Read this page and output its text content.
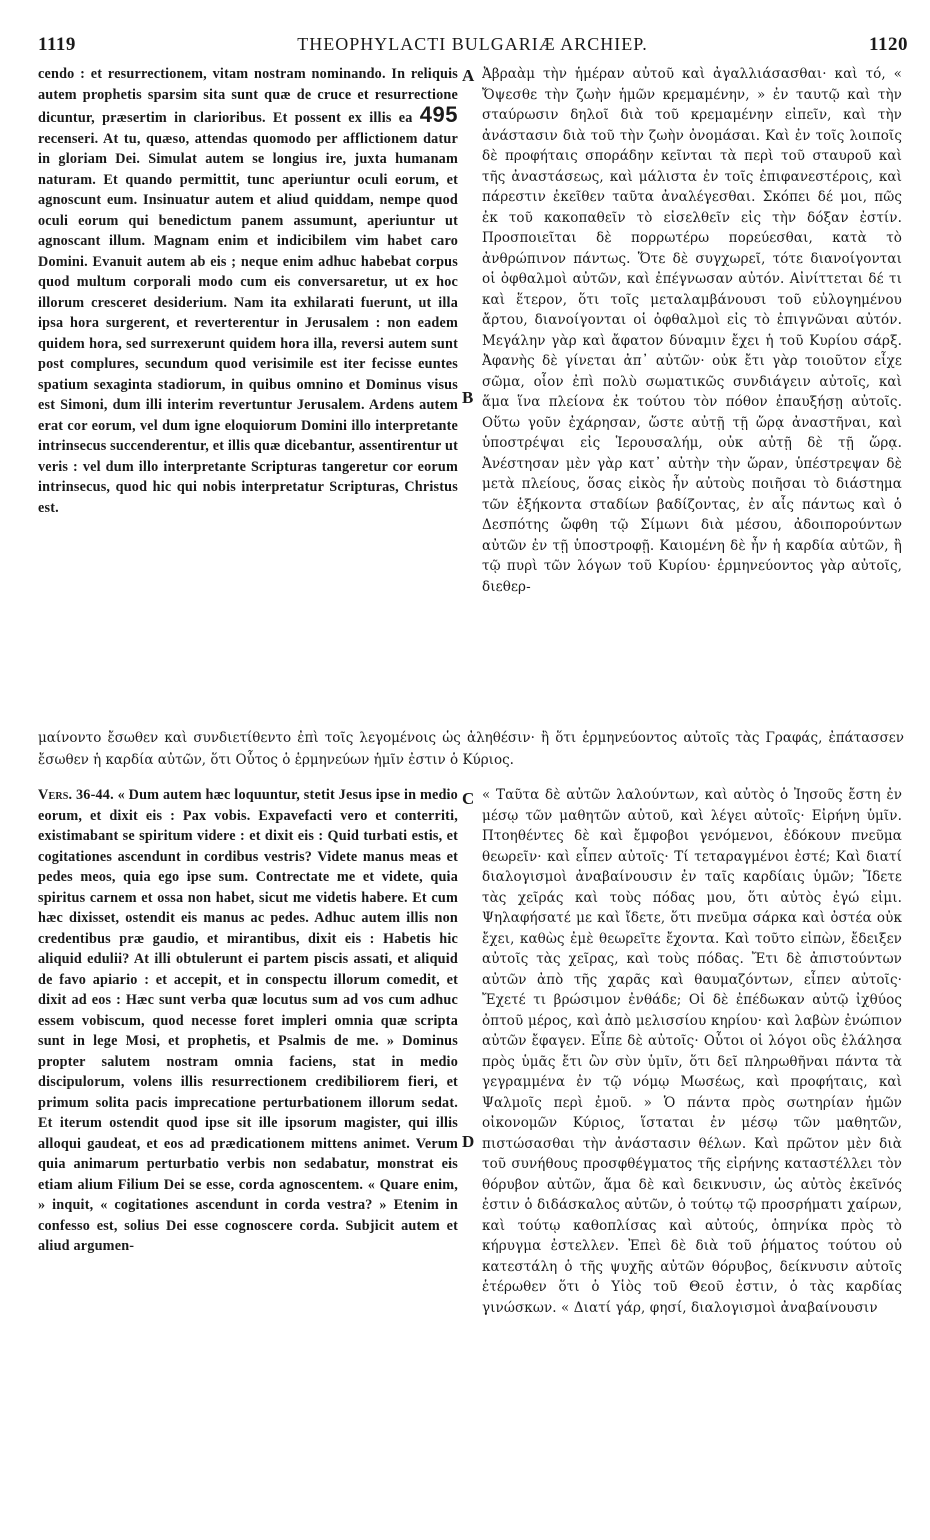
1119	THEOPHYLACTI BULGARIÆ ARCHIEP.	1120

cendo : et resurrectionem, vitam nostram nominando. In reliquis autem prophetis sparsim sita sunt quæ de cruce et resurrectione dicuntur, præsertim in clarioribus. Et possent ex illis ea 495 recenseri. At tu, quæso, attendas quomodo per afflictionem datur in gloriam Dei. Simulat autem se longius ire, juxta humanam naturam. Et quando permittit, tunc aperiuntur oculi eorum, et agnoscunt eum. Insinuatur autem et aliud quiddam, nempe quod oculi eorum qui benedictum panem assumunt, aperiuntur ut agnoscant illum. Magnam enim et indicibilem vim habet caro Domini. Evanuit autem ab eis ; neque enim adhuc habebat corpus quod multum corporali modo cum eis conversaretur, ut ex hoc illorum cresceret desiderium. Nam ita exhilarati fuerunt, ut illa ipsa hora surgerent, et reverterentur in Jerusalem : non eadem quidem hora, sed surrexerunt quidem hora illa, reversi autem sunt post complures, secundum quod verisimile est iter fecisse euntes spatium sexaginta stadiorum, in quibus omnino et Dominus visus est Simoni, dum illi interim revertuntur Jerusalem. Ardens autem erat cor eorum, vel dum igne eloquiorum Domini illo interpretante intrinsecus succenderentur, et illis quæ dicebantur, assentirentur ut veris : vel dum illo interpretante Scripturas tangeretur cor eorum intrinsecus, quod hic qui nobis interpretatur Scripturas, Christus est.

A
B
C
D

Ἀβραὰμ τὴν ἡμέραν αὐτοῦ καὶ ἀγαλλιάσασθαι· καὶ τό, « Ὄψεσθε τὴν ζωὴν ἡμῶν κρεμαμένην, » ἐν ταυτῷ καὶ τὴν σταύρωσιν δηλοῖ διὰ τοῦ κρεμαμένην εἰπεῖν, καὶ τὴν ἀνάστασιν διὰ τοῦ τὴν ζωὴν ὀνομάσαι. Καὶ ἐν τοῖς λοιποῖς δὲ προφήταις σποράδην κεῖνται τὰ περὶ τοῦ σταυροῦ καὶ τῆς ἀναστάσεως, καὶ μάλιστα ἐν τοῖς ἐπιφανεστέροις, καὶ πάρεστιν ἐκεῖθεν ταῦτα ἀναλέγεσθαι. Σκόπει δέ μοι, πῶς ἐκ τοῦ κακοπαθεῖν τὸ εἰσελθεῖν εἰς τὴν δόξαν ἐστίν. Προσποιεῖται δὲ πορρωτέρω πορεύεσθαι, κατὰ τὸ ἀνθρώπινον πάντως. Ὅτε δὲ συγχωρεῖ, τότε διανοίγονται οἱ ὀφθαλμοὶ αὐτῶν, καὶ ἐπέγνωσαν αὐτόν. Αἰνίττεται δέ τι καὶ ἕτερον, ὅτι τοῖς μεταλαμβάνουσι τοῦ εὐλογημένου ἄρτου, διανοίγονται οἱ ὀφθαλμοὶ εἰς τὸ ἐπιγνῶναι αὐτόν. Μεγάλην γὰρ καὶ ἄφατον δύναμιν ἔχει ἡ τοῦ Κυρίου σάρξ. Ἀφανὴς δὲ γίνεται ἀπ᾽ αὐτῶν· οὐκ ἔτι γὰρ τοιοῦτον εἶχε σῶμα, οἷον ἐπὶ πολὺ σωματικῶς συνδιάγειν αὐτοῖς, καὶ ἅμα ἵνα πλείονα ἐκ τούτου τὸν πόθον ἐπαυξήσῃ αὐτοῖς. Οὕτω γοῦν ἐχάρησαν, ὥστε αὐτῇ τῇ ὥρᾳ ἀναστῆναι, καὶ ὑποστρέψαι εἰς Ἱερουσαλήμ, οὐκ αὐτῇ δὲ τῇ ὥρᾳ. Ἀνέστησαν μὲν γὰρ κατ᾽ αὐτὴν τὴν ὥραν, ὑπέστρεψαν δὲ μετὰ πλείους, ὅσας εἰκὸς ἦν αὐτοὺς ποιῆσαι τὸ διάστημα τῶν ἑξήκοντα σταδίων βαδίζοντας, ἐν αἷς πάντως καὶ ὁ Δεσπότης ὤφθη τῷ Σίμωνι διὰ μέσου, ἀδοιπορούντων αὐτῶν ἐν τῇ ὑποστροφῇ. Καιομένη δὲ ἦν ἡ καρδία αὐτῶν, ἢ τῷ πυρὶ τῶν λόγων τοῦ Κυρίου· ἑρμηνεύοντος γὰρ αὐτοῖς, διεθερ-

μαίνοντο ἔσωθεν καὶ συνδιετίθεντο ἐπὶ τοῖς λεγομένοις ὡς ἀληθέσιν· ἢ ὅτι ἑρμηνεύοντος αὐτοῖς τὰς Γραφάς, ἐπάτασσεν ἔσωθεν ἡ καρδία αὐτῶν, ὅτι Οὗτος ὁ ἑρμηνεύων ἡμῖν ἐστιν ὁ Κύριος.

Vers. 36-44. « Dum autem hæc loquuntur, stetit Jesus ipse in medio eorum, et dixit eis : Pax vobis. Expavefacti vero et conterriti, existimabant se spiritum videre : et dixit eis : Quid turbati estis, et cogitationes ascendunt in cordibus vestris? Videte manus meas et pedes meos, quia ego ipse sum. Contrectate me et videte, quia spiritus carnem et ossa non habet, sicut me videtis habere. Et cum hæc dixisset, ostendit eis manus ac pedes. Adhuc autem illis non credentibus præ gaudio, et mirantibus, dixit eis : Habetis hic aliquid edulii? At illi obtulerunt ei partem piscis assati, et aliquid de favo apiario : et accepit, et in conspectu illorum comedit, et dixit ad eos : Hæc sunt verba quæ locutus sum ad vos cum adhuc essem vobiscum, quod necesse foret impleri omnia quæ scripta sunt in lege Mosi, et prophetis, et Psalmis de me. » Dominus propter salutem nostram omnia faciens, stat in medio discipulorum, volens illis resurrectionem credibiliorem fieri, et primum solita pacis imprecatione perturbationem illorum sedat. Et iterum ostendit quod ipse sit ille ipsorum magister, qui illis alloqui gaudeat, et eos ad prædicationem mittens animet. Verum quia animarum perturbatio verbis non sedabatur, monstrat eis etiam alium Filium Dei se esse, corda agnoscentem. « Quare enim, » inquit, « cogitationes ascendunt in corda vestra? » Etenim in confesso est, solius Dei esse cognoscere corda. Subjicit autem et aliud argumen-

« Ταῦτα δὲ αὐτῶν λαλούντων, καὶ αὐτὸς ὁ Ἰησοῦς ἔστη ἐν μέσῳ τῶν μαθητῶν αὐτοῦ, καὶ λέγει αὐτοῖς· Εἰρήνη ὑμῖν. Πτοηθέντες δὲ καὶ ἔμφοβοι γενόμενοι, ἐδόκουν πνεῦμα θεωρεῖν· καὶ εἶπεν αὐτοῖς· Τί τεταραγμένοι ἐστέ; Καὶ διατί διαλογισμοὶ ἀναβαίνουσιν ἐν ταῖς καρδίαις ὑμῶν; Ἴδετε τὰς χεῖράς καὶ τοὺς πόδας μου, ὅτι αὐτὸς ἐγώ εἰμι. Ψηλαφήσατέ με καὶ ἴδετε, ὅτι πνεῦμα σάρκα καὶ ὀστέα οὐκ ἔχει, καθὼς ἐμὲ θεωρεῖτε ἔχοντα. Καὶ τοῦτο εἰπὼν, ἔδειξεν αὐτοῖς τὰς χεῖρας, καὶ τοὺς πόδας. Ἔτι δὲ ἀπιστούντων αὐτῶν ἀπὸ τῆς χαρᾶς καὶ θαυμαζόντων, εἶπεν αὐτοῖς· Ἔχετέ τι βρώσιμον ἐνθάδε; Οἱ δὲ ἐπέδωκαν αὐτῷ ἰχθύος ὀπτοῦ μέρος, καὶ ἀπὸ μελισσίου κηρίου· καὶ λαβὼν ἐνώπιον αὐτῶν ἔφαγεν. Εἶπε δὲ αὐτοῖς· Οὗτοι οἱ λόγοι οὓς ἐλάλησα πρὸς ὑμᾶς ἔτι ὢν σὺν ὑμῖν, ὅτι δεῖ πληρωθῆναι πάντα τὰ γεγραμμένα ἐν τῷ νόμῳ Μωσέως, καὶ προφήταις, καὶ Ψαλμοῖς περὶ ἐμοῦ. » Ὁ πάντα πρὸς σωτηρίαν ἡμῶν οἰκονομῶν Κύριος, ἵσταται ἐν μέσῳ τῶν μαθητῶν, πιστώσασθαι τὴν ἀνάστασιν θέλων. Καὶ πρῶτον μὲν διὰ τοῦ συνήθους προσφθέγματος τῆς εἰρήνης καταστέλλει τὸν θόρυβον αὐτῶν, ἅμα δὲ καὶ δεικνυσιν, ὡς αὐτὸς ἐκεῖνός ἐστιν ὁ διδάσκαλος αὐτῶν, ὁ τούτῳ τῷ προσρήματι χαίρων, καὶ τούτῳ καθοπλίσας καὶ αὐτούς, ὁπηνίκα πρὸς τὸ κήρυγμα ἐστελλεν. Ἐπεὶ δὲ διὰ τοῦ ῥήματος τούτου οὐ κατεστάλη ὁ τῆς ψυχῆς αὐτῶν θόρυβος, δείκνυσιν αὐτοῖς ἑτέρωθεν ὅτι ὁ Υἱὸς τοῦ Θεοῦ ἐστιν, ὁ τὰς καρδίας γινώσκων. « Διατί γάρ, φησί, διαλογισμοὶ ἀναβαίνουσιν
